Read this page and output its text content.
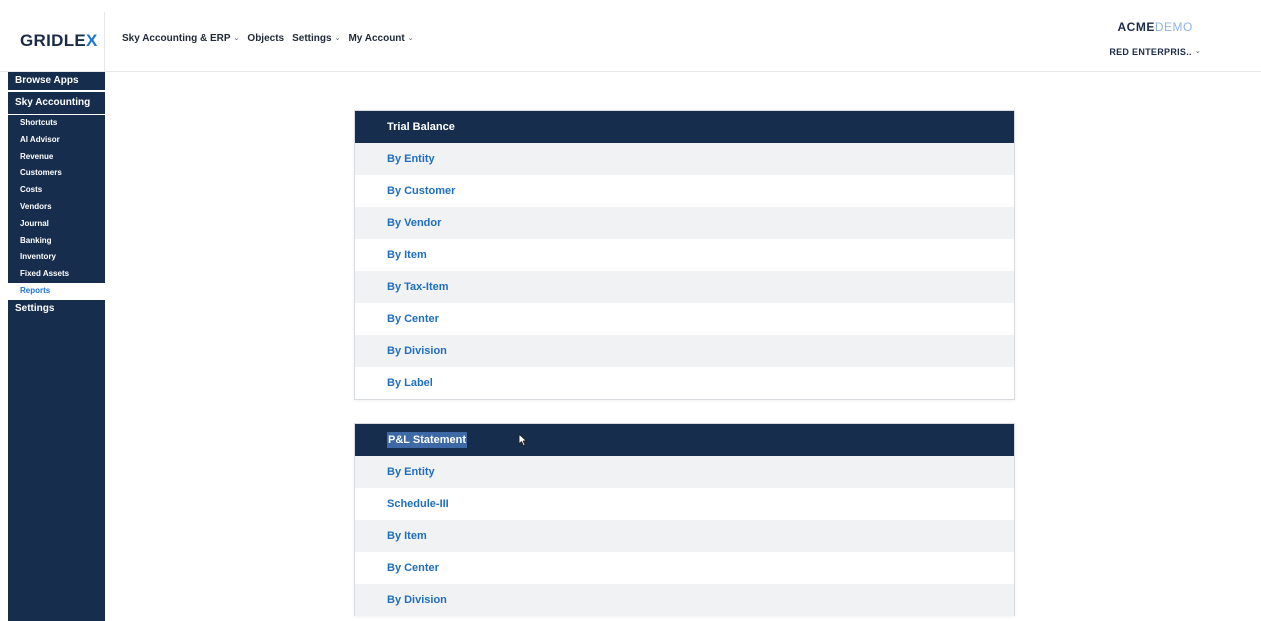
GRIDLEX Sky Accounting & ERP ⌄ Objects Settings ⌄ My Account ⌄
ACMEDEMO
RED ENTERPRIS.. ⌄
Browse Apps
Sky Accounting
Shortcuts
AI Advisor
Revenue
Customers
Costs
Vendors
Journal
Banking
Inventory
Fixed Assets
Reports
Settings
Trial Balance
By Entity
By Customer
By Vendor
By Item
By Tax-Item
By Center
By Division
By Label
P&L Statement
By Entity
Schedule-III
By Item
By Center
By Division
